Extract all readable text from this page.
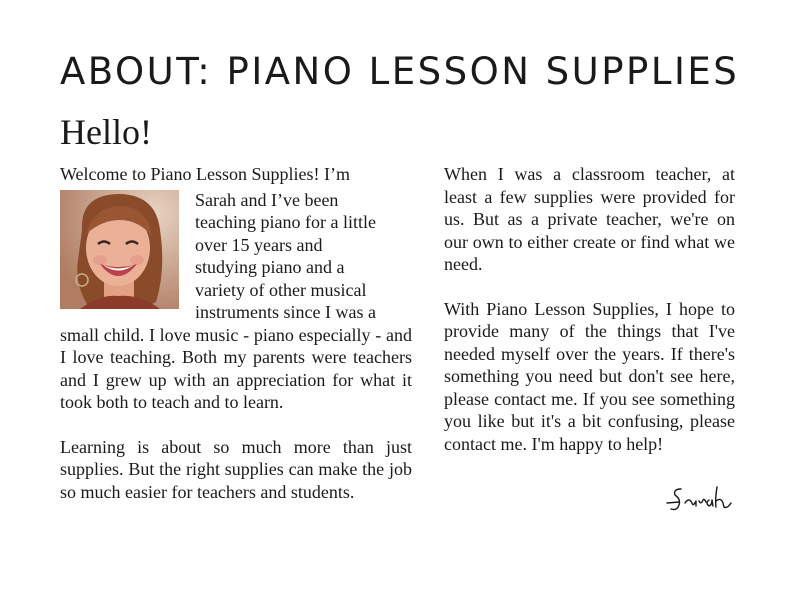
ABOUT: PIANO LESSON SUPPLIES
Hello!
Welcome to Piano Lesson Supplies! I’m
Sarah and I’ve been
teaching piano for a little
over 15 years and
studying piano and a
variety of other musical
instruments since I was a

small child. I love music - piano especially - and I love teaching. Both my parents were teachers and I grew up with an appreciation for what it took both to teach and to learn.

Learning is about so much more than just supplies. But the right supplies can make the job so much easier for teachers and students.

When I was a classroom teacher, at least a few supplies were provided for us. But as a private teacher, we're on our own to either create or find what we need.

With Piano Lesson Supplies, I hope to provide many of the things that I've needed myself over the years. If there's something you need but don't see here, please contact me. If you see something you like but it's a bit confusing, please contact me. I'm happy to help!
